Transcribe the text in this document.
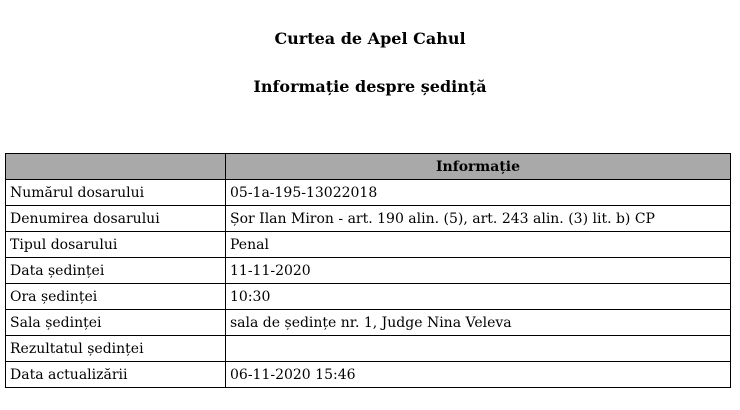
Curtea de Apel Cahul
Informație despre ședință
	Informație
Numărul dosarului	05-1a-195-13022018
Denumirea dosarului	Șor Ilan Miron - art. 190 alin. (5), art. 243 alin. (3) lit. b) CP
Tipul dosarului	Penal
Data ședinței	11-11-2020
Ora ședinței	10:30
Sala ședinței	sala de ședințe nr. 1, Judge Nina Veleva
Rezultatul ședinței	
Data actualizării	06-11-2020 15:46
